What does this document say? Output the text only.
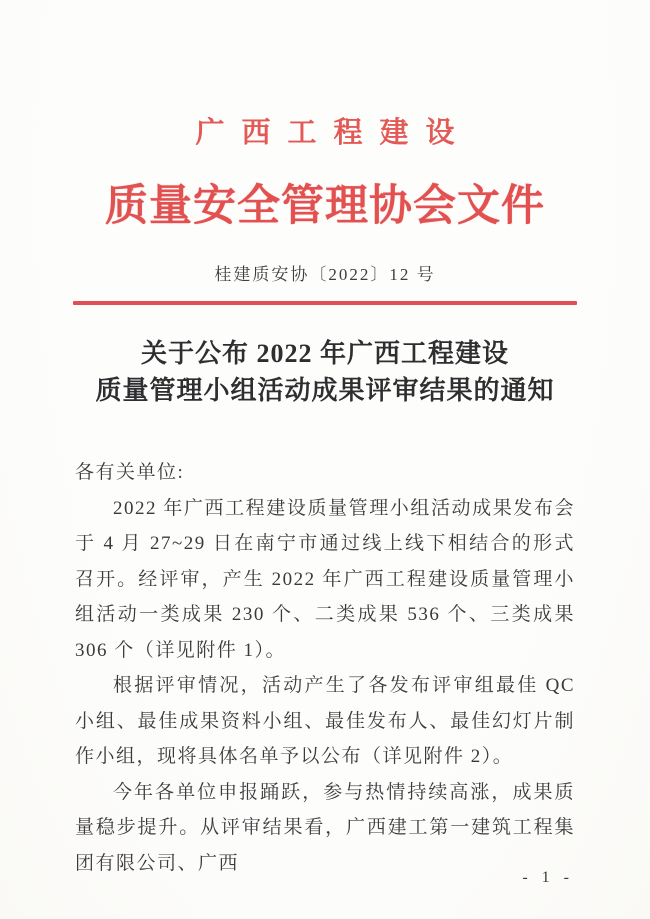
广西工程建设
质量安全管理协会文件
桂建质安协〔2022〕12 号
关于公布 2022 年广西工程建设
质量管理小组活动成果评审结果的通知
各有关单位:

2022 年广西工程建设质量管理小组活动成果发布会于 4 月 27~29 日在南宁市通过线上线下相结合的形式召开。经评审，产生 2022 年广西工程建设质量管理小组活动一类成果 230 个、二类成果 536 个、三类成果 306 个（详见附件 1）。

根据评审情况，活动产生了各发布评审组最佳 QC 小组、最佳成果资料小组、最佳发布人、最佳幻灯片制作小组，现将具体名单予以公布（详见附件 2）。

今年各单位申报踊跃，参与热情持续高涨，成果质量稳步提升。从评审结果看，广西建工第一建筑工程集团有限公司、广西

- 1 -
